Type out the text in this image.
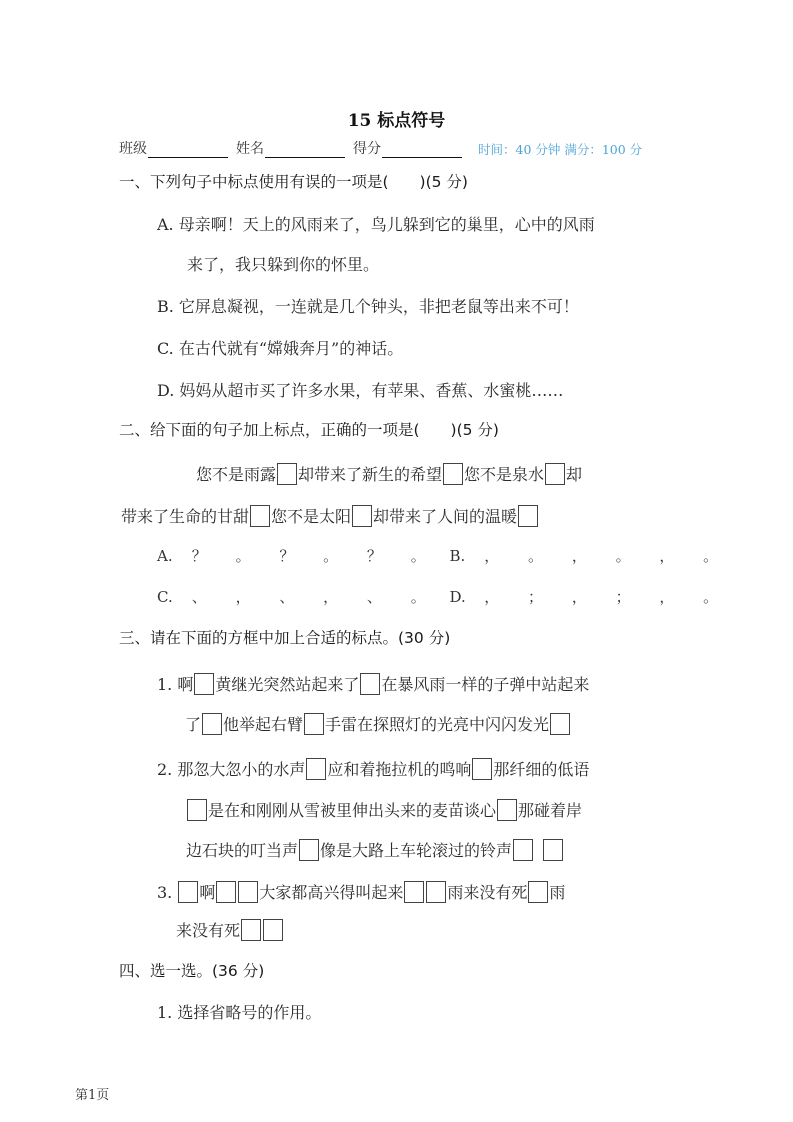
15 标点符号
班级	姓名	得分	时间：40 分钟 满分：100 分
一、下列句子中标点使用有误的一项是(　　)(5 分)
A. 母亲啊！天上的风雨来了，鸟儿躲到它的巢里，心中的风雨
来了，我只躲到你的怀里。
B. 它屏息凝视，一连就是几个钟头，非把老鼠等出来不可！
C. 在古代就有“嫦娥奔月”的神话。
D. 妈妈从超市买了许多水果，有苹果、香蕉、水蜜桃……
二、给下面的句子加上标点，正确的一项是(　　)(5 分)
您不是雨露 却带来了新生的希望 您不是泉水 却
带来了生命的甘甜 您不是太阳 却带来了人间的温暖
A. ？ 。 ？ 。 ？ 。 B. ， 。 ， 。 ， 。
C. 、 ， 、 ， 、 。 D. ， ； ， ； ， 。
三、请在下面的方框中加上合适的标点。(30 分)
1. 啊 黄继光突然站起来了 在暴风雨一样的子弹中站起来
了 他举起右臂 手雷在探照灯的光亮中闪闪发光
2. 那忽大忽小的水声 应和着拖拉机的鸣响 那纤细的低语
是在和刚刚从雪被里伸出头来的麦苗谈心 那碰着岸
边石块的叮当声 像是大路上车轮滚过的铃声
3. 啊	大家都高兴得叫起来	雨来没有死 雨
来没有死
四、选一选。(36 分)
1. 选择省略号的作用。
第1页
